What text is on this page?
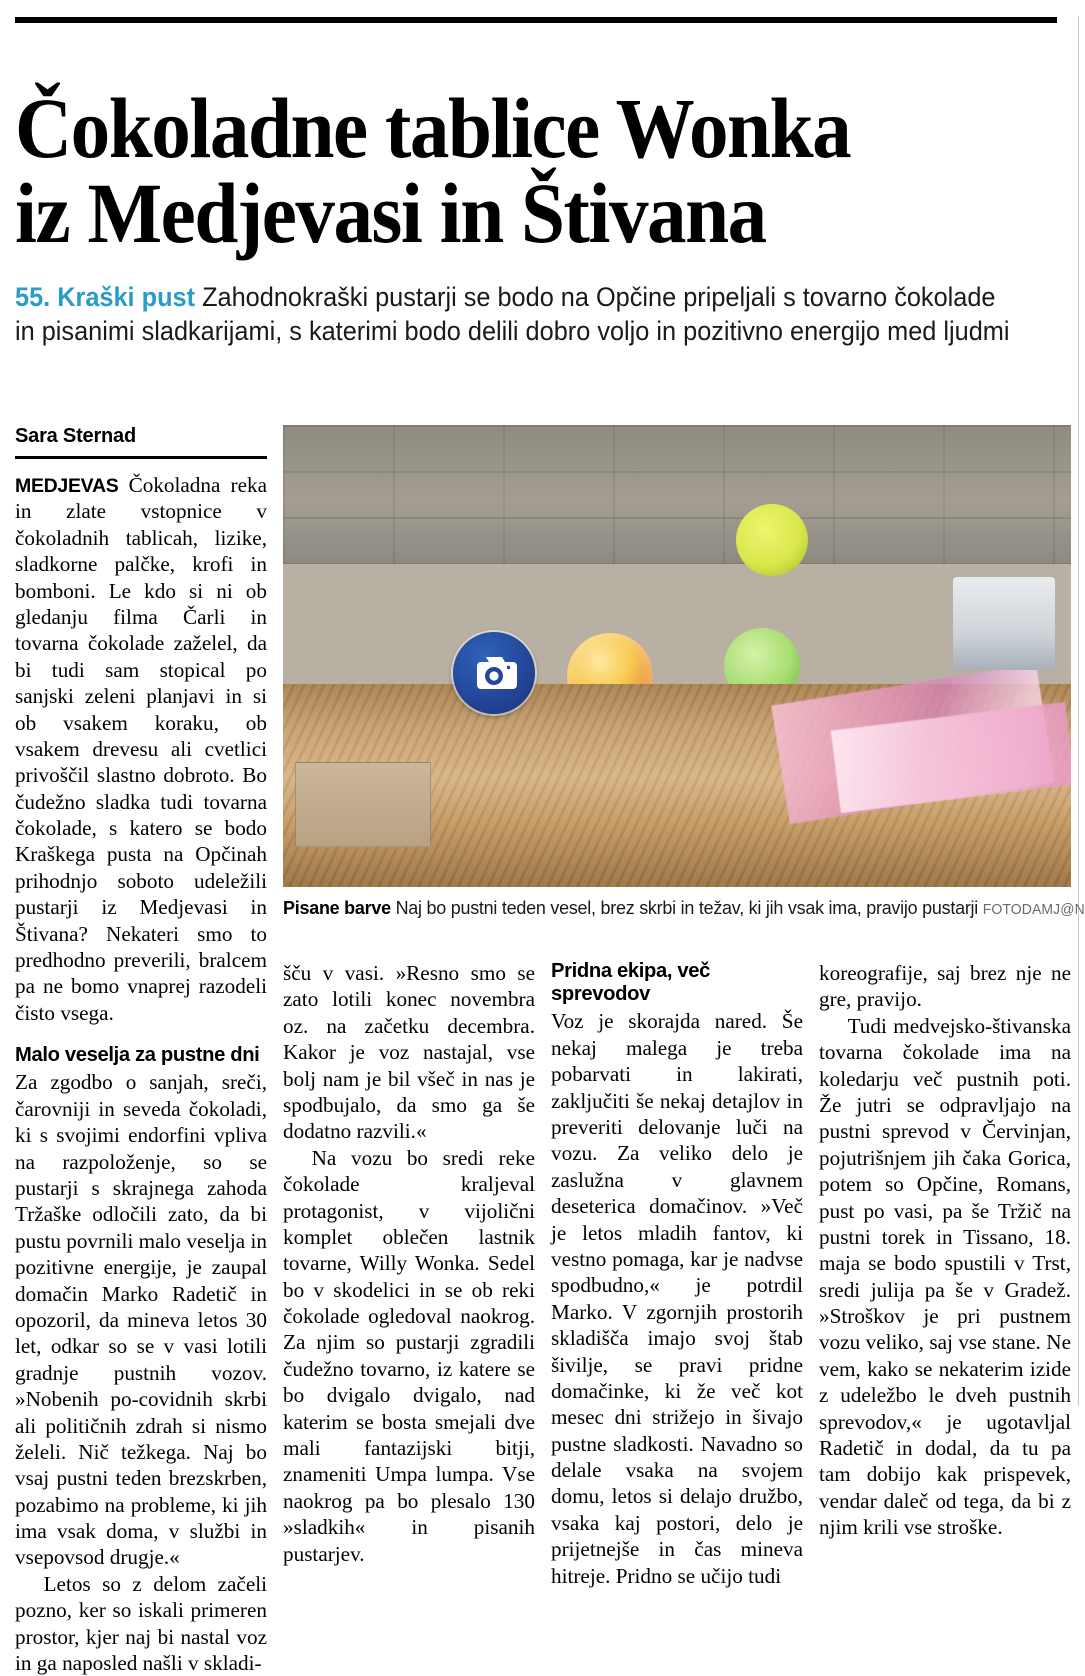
Čokoladne tablice Wonka
iz Medjevasi in Štivana
55. Kraški pust Zahodnokraški pustarji se bodo na Opčine pripeljali s tovarno čokolade in pisanimi sladkarijami, s katerimi bodo delili dobro voljo in pozitivno energijo med ljudmi
Pisane barve Naj bo pustni teden vesel, brez skrbi in težav, ki jih vsak ima, pravijo pustarji FOTODAMJ@N
Sara Sternad

MEDJEVAS Čokoladna reka in zlate vstopnice v čokoladnih tablicah, lizike, sladkorne palčke, krofi in bomboni. Le kdo si ni ob gledanju filma Čarli in tovarna čokolade zaželel, da bi tudi sam stopical po sanjski zeleni planjavi in si ob vsakem koraku, ob vsakem drevesu ali cvetlici privoščil slastno dobroto. Bo čudežno sladka tudi tovarna čokolade, s katero se bodo Kraškega pusta na Opčinah prihodnjo soboto udeležili pustarji iz Medjevasi in Štivana? Nekateri smo to predhodno preverili, bralcem pa ne bomo vnaprej razodeli čisto vsega.

Malo veselja za pustne dni

Za zgodbo o sanjah, sreči, čarovniji in seveda čokoladi, ki s svojimi endorfini vpliva na razpoloženje, so se pustarji s skrajnega zahoda Tržaške odločili zato, da bi pustu povrnili malo veselja in pozitivne energije, je zaupal domačin Marko Radetič in opozoril, da mineva letos 30 let, odkar so se v vasi lotili gradnje pustnih vozov. »Nobenih po-covidnih skrbi ali političnih zdrah si nismo želeli. Nič težkega. Naj bo vsaj pustni teden brezskrben, pozabimo na probleme, ki jih ima vsak doma, v službi in vsepovsod drugje.«

Letos so z delom začeli pozno, ker so iskali primeren prostor, kjer naj bi nastal voz in ga naposled našli v skladi-

šču v vasi. »Resno smo se zato lotili konec novembra oz. na začetku decembra. Kakor je voz nastajal, vse bolj nam je bil všeč in nas je spodbujalo, da smo ga še dodatno razvili.«

Na vozu bo sredi reke čokolade kraljeval protagonist, v vijolični komplet oblečen lastnik tovarne, Willy Wonka. Sedel bo v skodelici in se ob reki čokolade ogledoval naokrog. Za njim so pustarji zgradili čudežno tovarno, iz katere se bo dvigalo dvigalo, nad katerim se bosta smejali dve mali fantazijski bitji, znameniti Umpa lumpa. Vse naokrog pa bo plesalo 130 »sladkih« in pisanih pustarjev.

Pridna ekipa, več sprevodov

Voz je skorajda nared. Še nekaj malega je treba pobarvati in lakirati, zaključiti še nekaj detajlov in preveriti delovanje luči na vozu. Za veliko delo je zaslužna v glavnem deseterica domačinov. »Več je letos mladih fantov, ki vestno pomaga, kar je nadvse spodbudno,« je potrdil Marko. V zgornjih prostorih skladišča imajo svoj štab šivilje, se pravi pridne domačinke, ki že več kot mesec dni strižejo in šivajo pustne sladkosti. Navadno so delale vsaka na svojem domu, letos si delajo družbo, vsaka kaj postori, delo je prijetnejše in čas mineva hitreje. Pridno se učijo tudi

koreografije, saj brez nje ne gre, pravijo.

Tudi medvejsko-štivanska tovarna čokolade ima na koledarju več pustnih poti. Že jutri se odpravljajo na pustni sprevod v Červinjan, pojutrišnjem jih čaka Gorica, potem so Opčine, Romans, pust po vasi, pa še Tržič na pustni torek in Tissano, 18. maja se bodo spustili v Trst, sredi julija pa še v Gradež. »Stroškov je pri pustnem vozu veliko, saj vse stane. Ne vem, kako se nekaterim izide z udeležbo le dveh pustnih sprevodov,« je ugotavljal Radetič in dodal, da tu pa tam dobijo kak prispevek, vendar daleč od tega, da bi z njim krili vse stroške.
